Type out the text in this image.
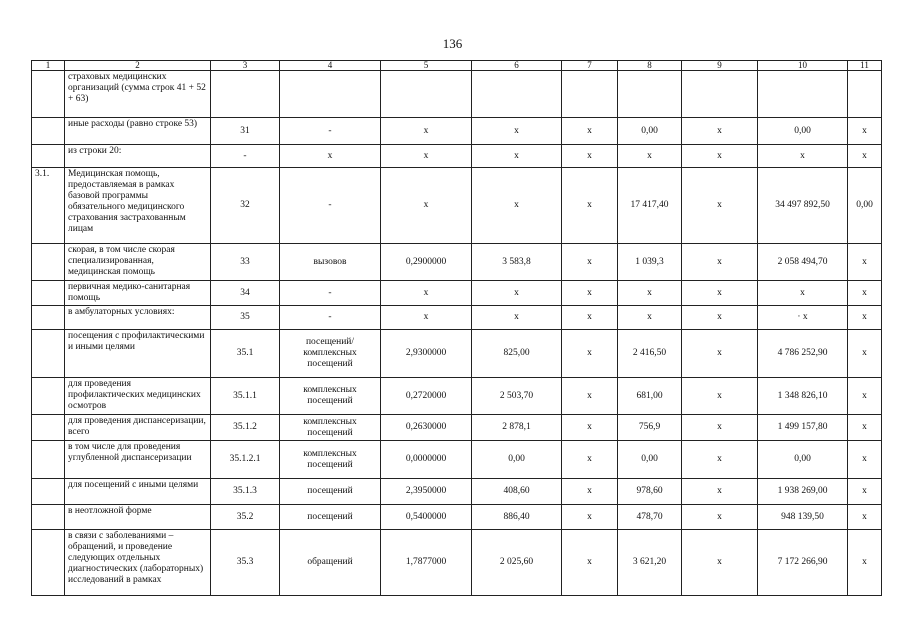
136
1	2	3	4	5	6	7	8	9	10	11
	страховых медицинских организаций (сумма строк 41 + 52 + 63)									
	иные расходы (равно строке 53)	31	-	х	х	х	0,00	х	0,00	х
	из строки 20:	-	х	х	х	х	х	х	х	х
3.1.	Медицинская помощь, предоставляемая в рамках базовой программы обязательного медицинского страхования застрахованным лицам	32	-	х	х	х	17 417,40	х	34 497 892,50	0,00
	скорая, в том числе скорая специализированная, медицинская помощь	33	вызовов	0,2900000	3 583,8	х	1 039,3	х	2 058 494,70	х
	первичная медико-санитарная помощь	34	-	х	х	х	х	х	х	х
	в амбулаторных условиях:	35	-	х	х	х	х	х	· х	х
	посещения с профилактическими и иными целями	35.1	посещений/комплексных посещений	2,9300000	825,00	х	2 416,50	х	4 786 252,90	х
	для проведения профилактических медицинских осмотров	35.1.1	комплексных посещений	0,2720000	2 503,70	х	681,00	х	1 348 826,10	х
	для проведения диспансеризации, всего	35.1.2	комплексных посещений	0,2630000	2 878,1	х	756,9	х	1 499 157,80	х
	в том числе для проведения углубленной диспансеризации	35.1.2.1	комплексных посещений	0,0000000	0,00	х	0,00	х	0,00	х
	для посещений с иными целями	35.1.3	посещений	2,3950000	408,60	х	978,60	х	1 938 269,00	х
	в неотложной форме	35.2	посещений	0,5400000	886,40	х	478,70	х	948 139,50	х
	в связи с заболеваниями – обращений, и проведение следующих отдельных диагностических (лабораторных) исследований в рамках	35.3	обращений	1,7877000	2 025,60	х	3 621,20	х	7 172 266,90	х
